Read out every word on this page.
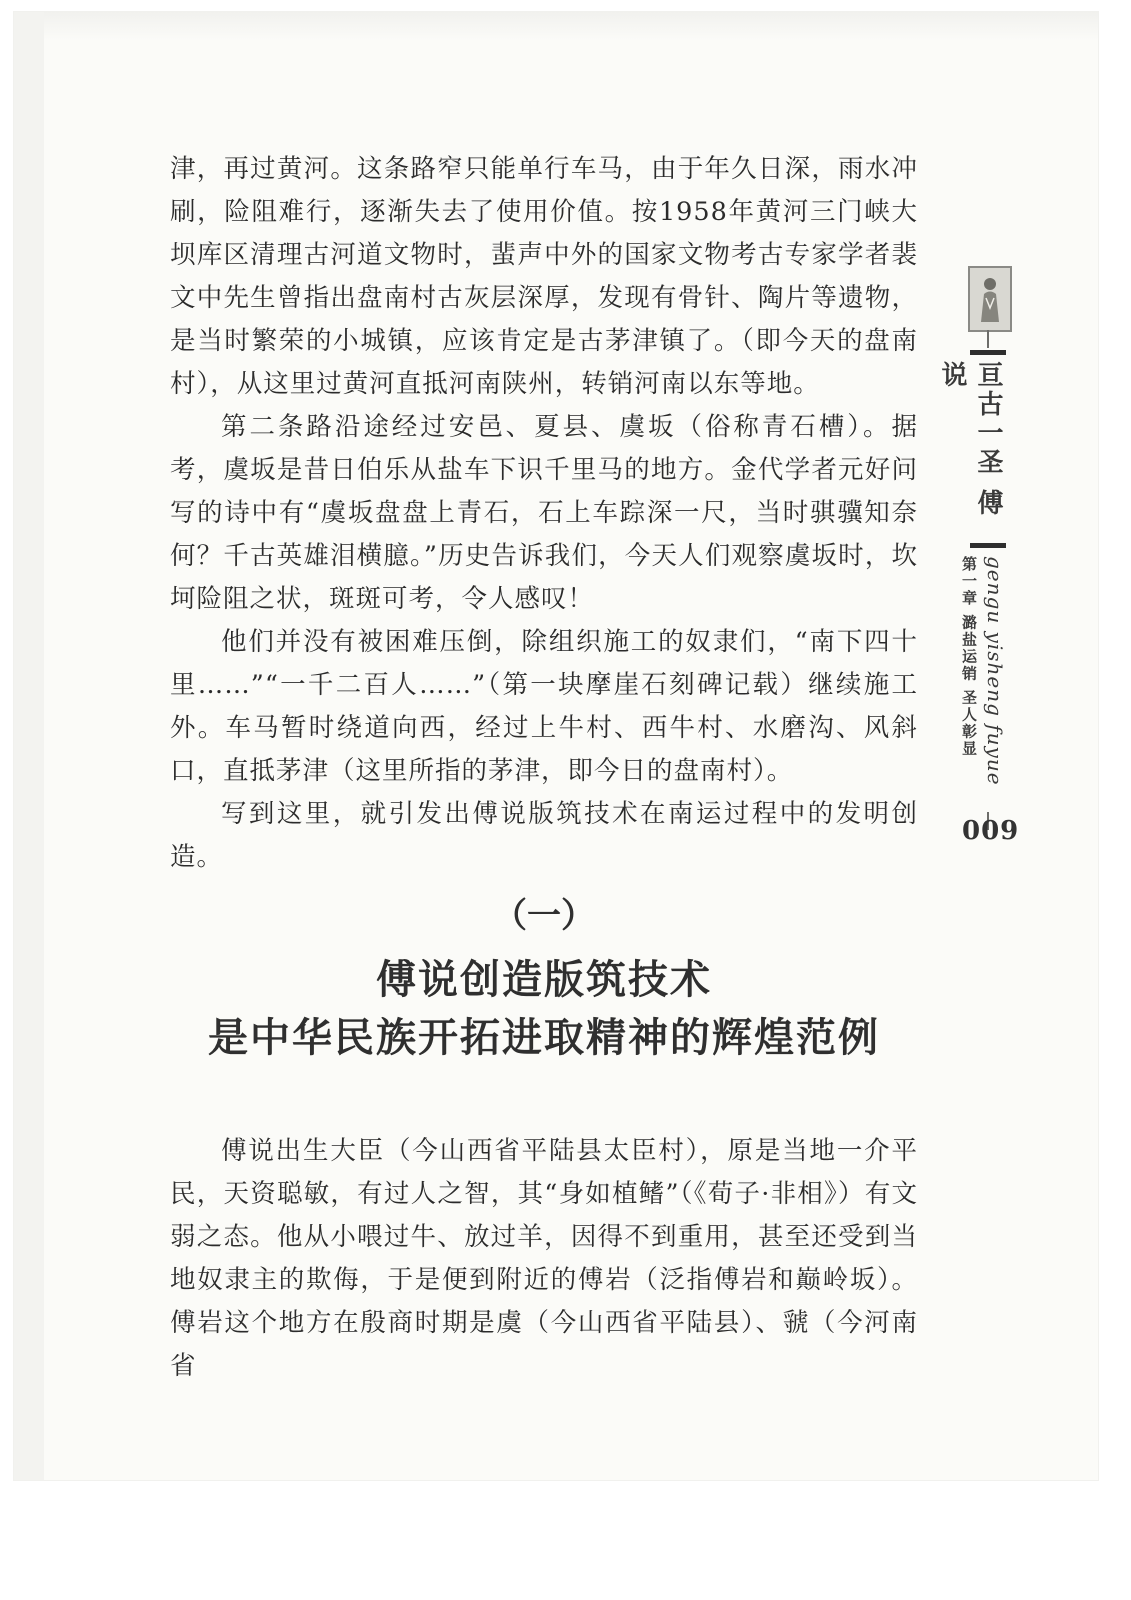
津，再过黄河。这条路窄只能单行车马，由于年久日深，雨水冲刷，险阻难行，逐渐失去了使用价值。按1958年黄河三门峡大坝库区清理古河道文物时，蜚声中外的国家文物考古专家学者裴文中先生曾指出盘南村古灰层深厚，发现有骨针、陶片等遗物，是当时繁荣的小城镇，应该肯定是古茅津镇了。（即今天的盘南村），从这里过黄河直抵河南陕州，转销河南以东等地。

第二条路沿途经过安邑、夏县、虞坂（俗称青石槽）。据考，虞坂是昔日伯乐从盐车下识千里马的地方。金代学者元好问写的诗中有“虞坂盘盘上青石，石上车踪深一尺，当时骐骥知奈何？千古英雄泪横臆。”历史告诉我们，今天人们观察虞坂时，坎坷险阻之状，斑斑可考，令人感叹！

他们并没有被困难压倒，除组织施工的奴隶们，“南下四十里……”“一千二百人……”（第一块摩崖石刻碑记载）继续施工外。车马暂时绕道向西，经过上牛村、西牛村、水磨沟、风斜口，直抵茅津（这里所指的茅津，即今日的盘南村）。

写到这里，就引发出傅说版筑技术在南运过程中的发明创造。

（一）
傅说创造版筑技术
是中华民族开拓进取精神的辉煌范例

傅说出生大臣（今山西省平陆县太臣村），原是当地一介平民，天资聪敏，有过人之智，其“身如植鳍”（《荀子·非相》）有文弱之态。他从小喂过牛、放过羊，因得不到重用，甚至还受到当地奴隶主的欺侮，于是便到附近的傅岩（泛指傅岩和巅岭坂）。傅岩这个地方在殷商时期是虞（今山西省平陆县）、虢（今河南省

亘古一圣 傅说
第一章 潞盐运销 圣人彰显 gengu yisheng fuyue
009
